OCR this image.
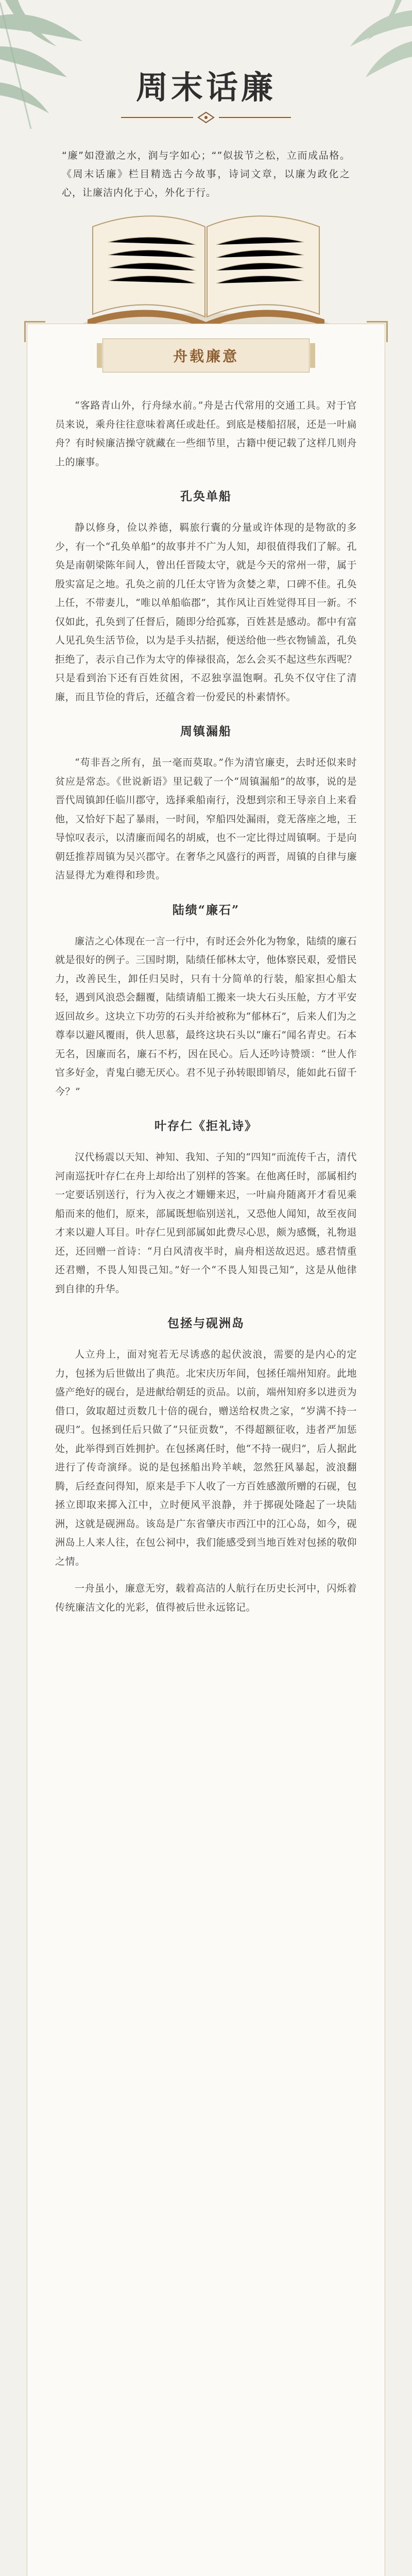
周末话廉

“廉”如澄澈之水，润与字如心；“”似拔节之松，立而成品格。《周末话廉》栏目精选古今故事，诗词文章，以廉为政化之心，让廉洁内化于心，外化于行。

舟载廉意

“客路青山外，行舟绿水前。”舟是古代常用的交通工具。对于官员来说，乘舟往往意味着离任或赴任。到底是楼船招展，还是一叶扁舟？有时候廉洁操守就藏在一些细节里，古籍中便记载了这样几则舟上的廉事。

孔奂单船

静以修身，俭以养德，羁旅行囊的分量或许体现的是物欲的多少，有一个“孔奂单船”的故事并不广为人知，却很值得我们了解。孔奂是南朝梁陈年间人，曾出任晋陵太守，就是今天的常州一带，属于殷实富足之地。孔奂之前的几任太守皆为贪婪之辈，口碑不佳。孔奂上任，不带妻儿，“唯以单船临郡”，其作风让百姓觉得耳目一新。不仅如此，孔奂到了任督后，随即分给孤寡，百姓甚是感动。都中有富人见孔奂生活节俭，以为是手头拮据，便送给他一些衣物铺盖，孔奂拒绝了，表示自己作为太守的俸禄很高，怎么会买不起这些东西呢？只是看到治下还有百姓贫困，不忍独享温饱啊。孔奂不仅守住了清廉，而且节俭的背后，还蕴含着一份爱民的朴素情怀。

周镇漏船

“苟非吾之所有，虽一毫而莫取。”作为清官廉吏，去时还似来时贫应是常态。《世说新语》里记载了一个“周镇漏船”的故事，说的是晋代周镇卸任临川郡守，选择乘船南行，没想到宗和王导亲自上来看他，又恰好下起了暴雨，一时间，窄船四处漏雨，竟无落座之地，王导惊叹表示，以清廉而闻名的胡威，也不一定比得过周镇啊。于是向朝廷推荐周镇为吴兴郡守。在奢华之风盛行的两晋，周镇的自律与廉洁显得尤为难得和珍贵。

陆绩“廉石”

廉洁之心体现在一言一行中，有时还会外化为物象，陆绩的廉石就是很好的例子。三国时期，陆绩任郁林太守，他体察民艰，爱惜民力，改善民生，卸任归吴时，只有十分简单的行装，船家担心船太轻，遇到风浪恐会翻覆，陆绩请船工搬来一块大石头压舱，方才平安返回故乡。这块立下功劳的石头并给被称为“郁林石”，后来人们为之尊奉以避风覆雨，供人思慕，最终这块石头以“廉石”闻名青史。石本无名，因廉而名，廉石不朽，因在民心。后人还吟诗赞颂：“世人作官多好金，青鬼白骢无厌心。君不见子孙转眼即销尽，能如此石留千今？”

叶存仁《拒礼诗》

汉代杨震以天知、神知、我知、子知的“四知”而流传千古，清代河南巡抚叶存仁在舟上却给出了别样的答案。在他离任时，部属相约一定要话别送行，行为入夜之才姗姗来迟，一叶扁舟随离开才看见乘船而来的他们，原来，部属既想临别送礼，又恐他人闻知，故至夜间才来以避人耳目。叶存仁见到部属如此费尽心思，颇为感慨，礼物退还，还回赠一首诗：“月白风清夜半时，扁舟相送故迟迟。感君情重还君赠，不畏人知畏己知。”好一个“不畏人知畏己知”，这是从他律到自律的升华。

包拯与砚洲岛

人立舟上，面对宛若无尽诱惑的起伏波浪，需要的是内心的定力，包拯为后世做出了典范。北宋庆历年间，包拯任端州知府。此地盛产绝好的砚台，是进献给朝廷的贡品。以前，端州知府多以进贡为借口，敛取超过贡数几十倍的砚台，赠送给权贵之家，“岁满不持一砚归”。包拯到任后只做了“只征贡数”，不得超额征收，违者严加惩处，此举得到百姓拥护。在包拯离任时，他“不持一砚归”，后人据此进行了传奇演绎。说的是包拯船出羚羊峡，忽然狂风暴起，波浪翻腾，后经查问得知，原来是手下人收了一方百姓感激所赠的石砚，包拯立即取来掷入江中，立时便风平浪静，并于掷砚处隆起了一块陆洲，这就是砚洲岛。该岛是广东省肇庆市西江中的江心岛，如今，砚洲岛上人来人往，在包公祠中，我们能感受到当地百姓对包拯的敬仰之情。

一舟虽小，廉意无穷，载着高洁的人航行在历史长河中，闪烁着传统廉洁文化的光彩，值得被后世永远铭记。
